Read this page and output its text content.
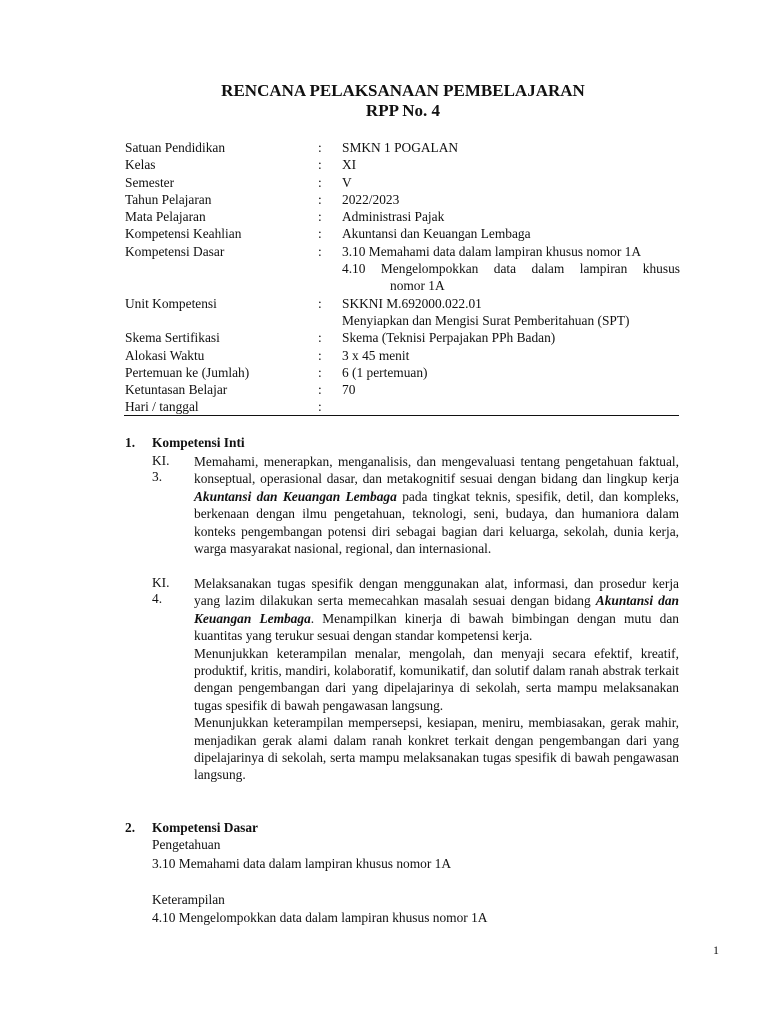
RENCANA PELAKSANAAN PEMBELAJARAN
RPP No. 4
Satuan Pendidikan	: SMKN 1 POGALAN
Kelas	: XI
Semester	: V
Tahun Pelajaran	: 2022/2023
Mata Pelajaran	: Administrasi Pajak
Kompetensi Keahlian	: Akuntansi dan Keuangan Lembaga
Kompetensi Dasar	: 3.10 Memahami data dalam lampiran khusus nomor 1A
4.10 Mengelompokkan data dalam lampiran khusus
nomor 1A
Unit Kompetensi	: SKKNI M.692000.022.01
Menyiapkan dan Mengisi Surat Pemberitahuan (SPT)
Skema Sertifikasi	: Skema (Teknisi Perpajakan PPh Badan)
Alokasi Waktu	: 3 x 45 menit
Pertemuan ke (Jumlah)	: 6 (1 pertemuan)
Ketuntasan Belajar	: 70
Hari / tanggal	:
1. Kompetensi Inti
KI. 3.

Memahami, menerapkan, menganalisis, dan mengevaluasi tentang pengetahuan faktual, konseptual, operasional dasar, dan metakognitif sesuai dengan bidang dan lingkup kerja Akuntansi dan Keuangan Lembaga pada tingkat teknis, spesifik, detil, dan kompleks, berkenaan dengan ilmu pengetahuan, teknologi, seni, budaya, dan humaniora dalam konteks pengembangan potensi diri sebagai bagian dari keluarga, sekolah, dunia kerja, warga masyarakat nasional, regional, dan internasional.

KI. 4.

Melaksanakan tugas spesifik dengan menggunakan alat, informasi, dan prosedur kerja yang lazim dilakukan serta memecahkan masalah sesuai dengan bidang Akuntansi dan Keuangan Lembaga. Menampilkan kinerja di bawah bimbingan dengan mutu dan kuantitas yang terukur sesuai dengan standar kompetensi kerja.

Menunjukkan keterampilan menalar, mengolah, dan menyaji secara efektif, kreatif, produktif, kritis, mandiri, kolaboratif, komunikatif, dan solutif dalam ranah abstrak terkait dengan pengembangan dari yang dipelajarinya di sekolah, serta mampu melaksanakan tugas spesifik di bawah pengawasan langsung.

Menunjukkan keterampilan mempersepsi, kesiapan, meniru, membiasakan, gerak mahir, menjadikan gerak alami dalam ranah konkret terkait dengan pengembangan dari yang dipelajarinya di sekolah, serta mampu melaksanakan tugas spesifik di bawah pengawasan langsung.

2. Kompetensi Dasar
Pengetahuan
3.10 Memahami data dalam lampiran khusus nomor 1A
Keterampilan
4.10 Mengelompokkan data dalam lampiran khusus nomor 1A
1
